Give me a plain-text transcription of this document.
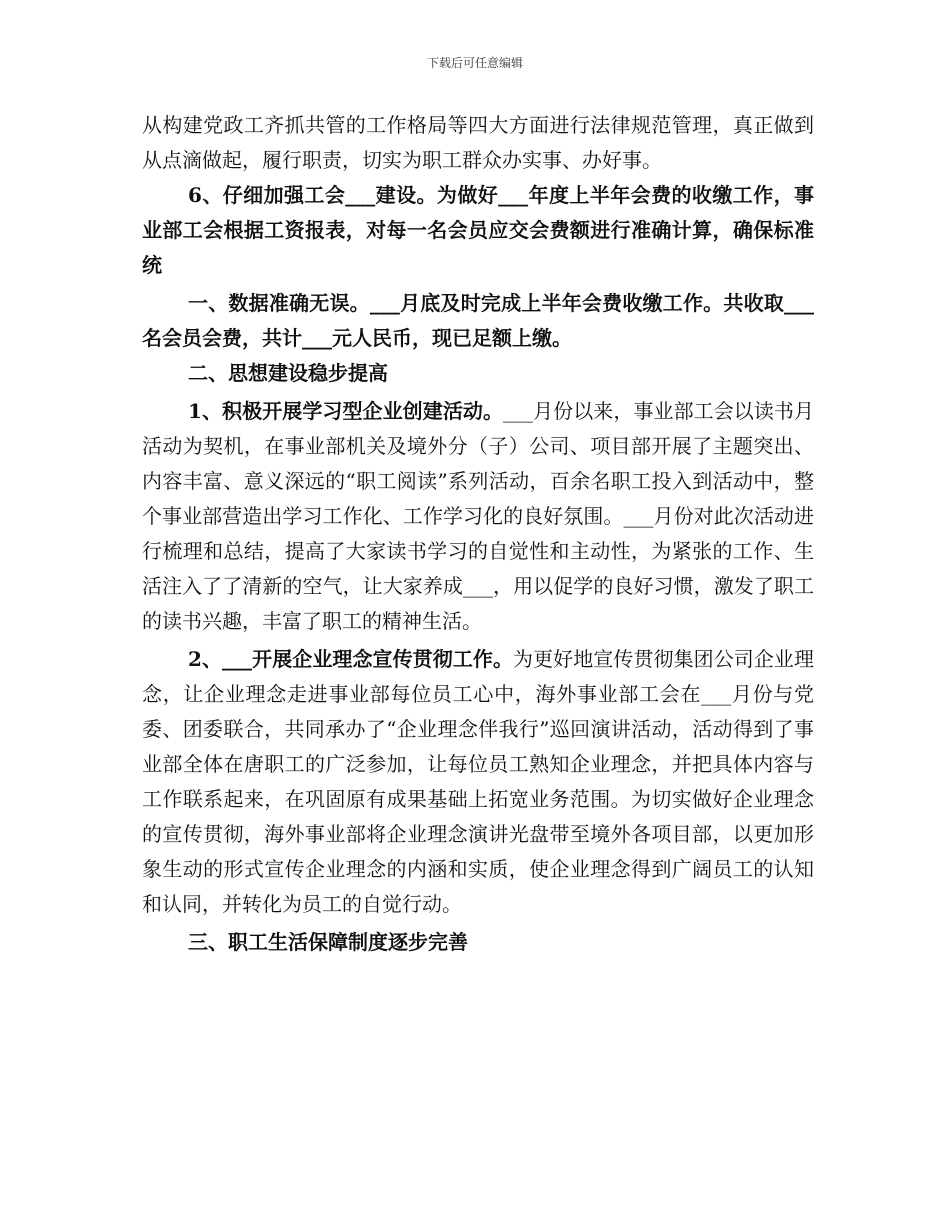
下载后可任意编辑

从构建党政工齐抓共管的工作格局等四大方面进行法律规范管理，真正做到从点滴做起，履行职责，切实为职工群众办实事、办好事。

6、仔细加强工会___建设。为做好___年度上半年会费的收缴工作，事业部工会根据工资报表，对每一名会员应交会费额进行准确计算，确保标准统

一、数据准确无误。___月底及时完成上半年会费收缴工作。共收取___名会员会费，共计___元人民币，现已足额上缴。

二、思想建设稳步提高

1、积极开展学习型企业创建活动。___月份以来，事业部工会以读书月活动为契机，在事业部机关及境外分（子）公司、项目部开展了主题突出、内容丰富、意义深远的“职工阅读”系列活动，百余名职工投入到活动中，整个事业部营造出学习工作化、工作学习化的良好氛围。___月份对此次活动进行梳理和总结，提高了大家读书学习的自觉性和主动性，为紧张的工作、生活注入了了清新的空气，让大家养成___，用以促学的良好习惯，激发了职工的读书兴趣，丰富了职工的精神生活。

2、___开展企业理念宣传贯彻工作。为更好地宣传贯彻集团公司企业理念，让企业理念走进事业部每位员工心中，海外事业部工会在___月份与党委、团委联合，共同承办了“企业理念伴我行”巡回演讲活动，活动得到了事业部全体在唐职工的广泛参加，让每位员工熟知企业理念，并把具体内容与工作联系起来，在巩固原有成果基础上拓宽业务范围。为切实做好企业理念的宣传贯彻，海外事业部将企业理念演讲光盘带至境外各项目部，以更加形象生动的形式宣传企业理念的内涵和实质，使企业理念得到广阔员工的认知和认同，并转化为员工的自觉行动。

三、职工生活保障制度逐步完善
